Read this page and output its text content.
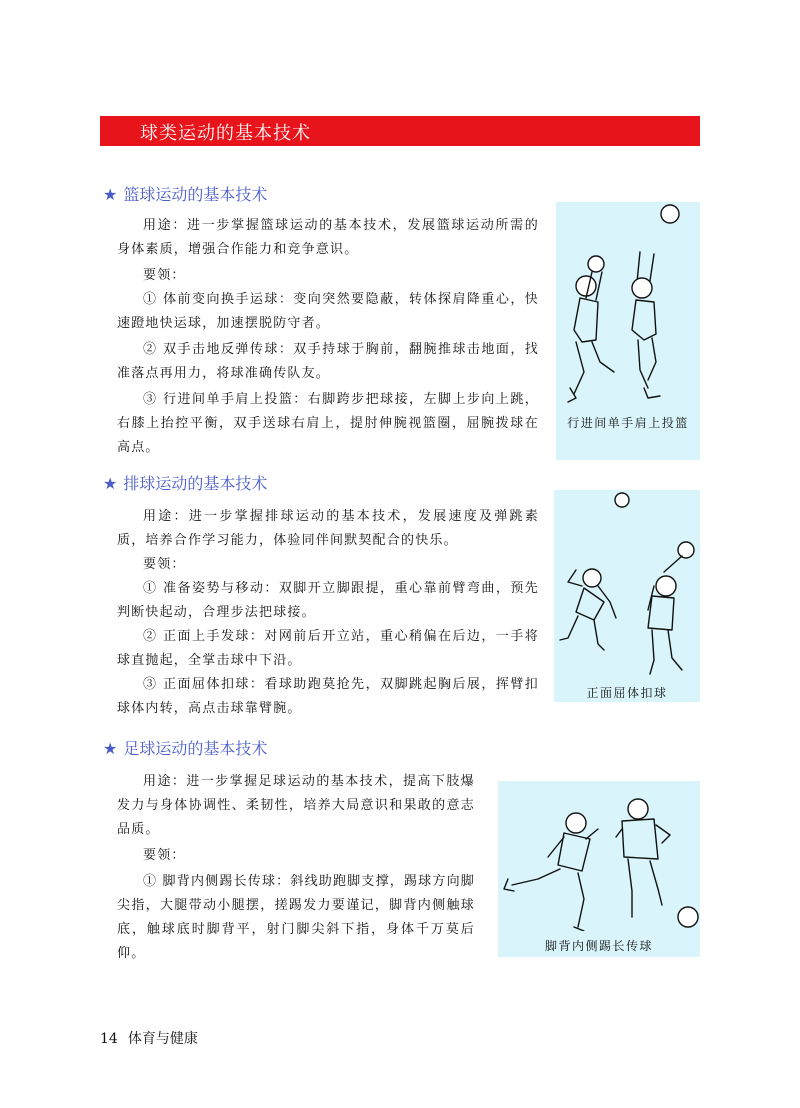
球类运动的基本技术
★ 篮球运动的基本技术

用途：进一步掌握篮球运动的基本技术，发展篮球运动所需的身体素质，增强合作能力和竞争意识。

要领：

① 体前变向换手运球：变向突然要隐蔽，转体探肩降重心，快速蹬地快运球，加速摆脱防守者。

② 双手击地反弹传球：双手持球于胸前，翻腕推球击地面，找准落点再用力，将球准确传队友。

③ 行进间单手肩上投篮：右脚跨步把球接，左脚上步向上跳，右膝上抬控平衡，双手送球右肩上，提肘伸腕视篮圈，屈腕拨球在高点。

行进间单手肩上投篮
★ 排球运动的基本技术

用途：进一步掌握排球运动的基本技术，发展速度及弹跳素质，培养合作学习能力，体验同伴间默契配合的快乐。

要领：

① 准备姿势与移动：双脚开立脚跟提，重心靠前臂弯曲，预先判断快起动，合理步法把球接。

② 正面上手发球：对网前后开立站，重心稍偏在后边，一手将球直抛起，全掌击球中下沿。

③ 正面屈体扣球：看球助跑莫抢先，双脚跳起胸后展，挥臂扣球体内转，高点击球靠臂腕。

正面屈体扣球
★ 足球运动的基本技术

用途：进一步掌握足球运动的基本技术，提高下肢爆发力与身体协调性、柔韧性，培养大局意识和果敢的意志品质。

要领：

① 脚背内侧踢长传球：斜线助跑脚支撑，踢球方向脚尖指，大腿带动小腿摆，搓踢发力要谨记，脚背内侧触球底，触球底时脚背平，射门脚尖斜下指，身体千万莫后仰。	脚背内侧踢长传球
14 体育与健康
